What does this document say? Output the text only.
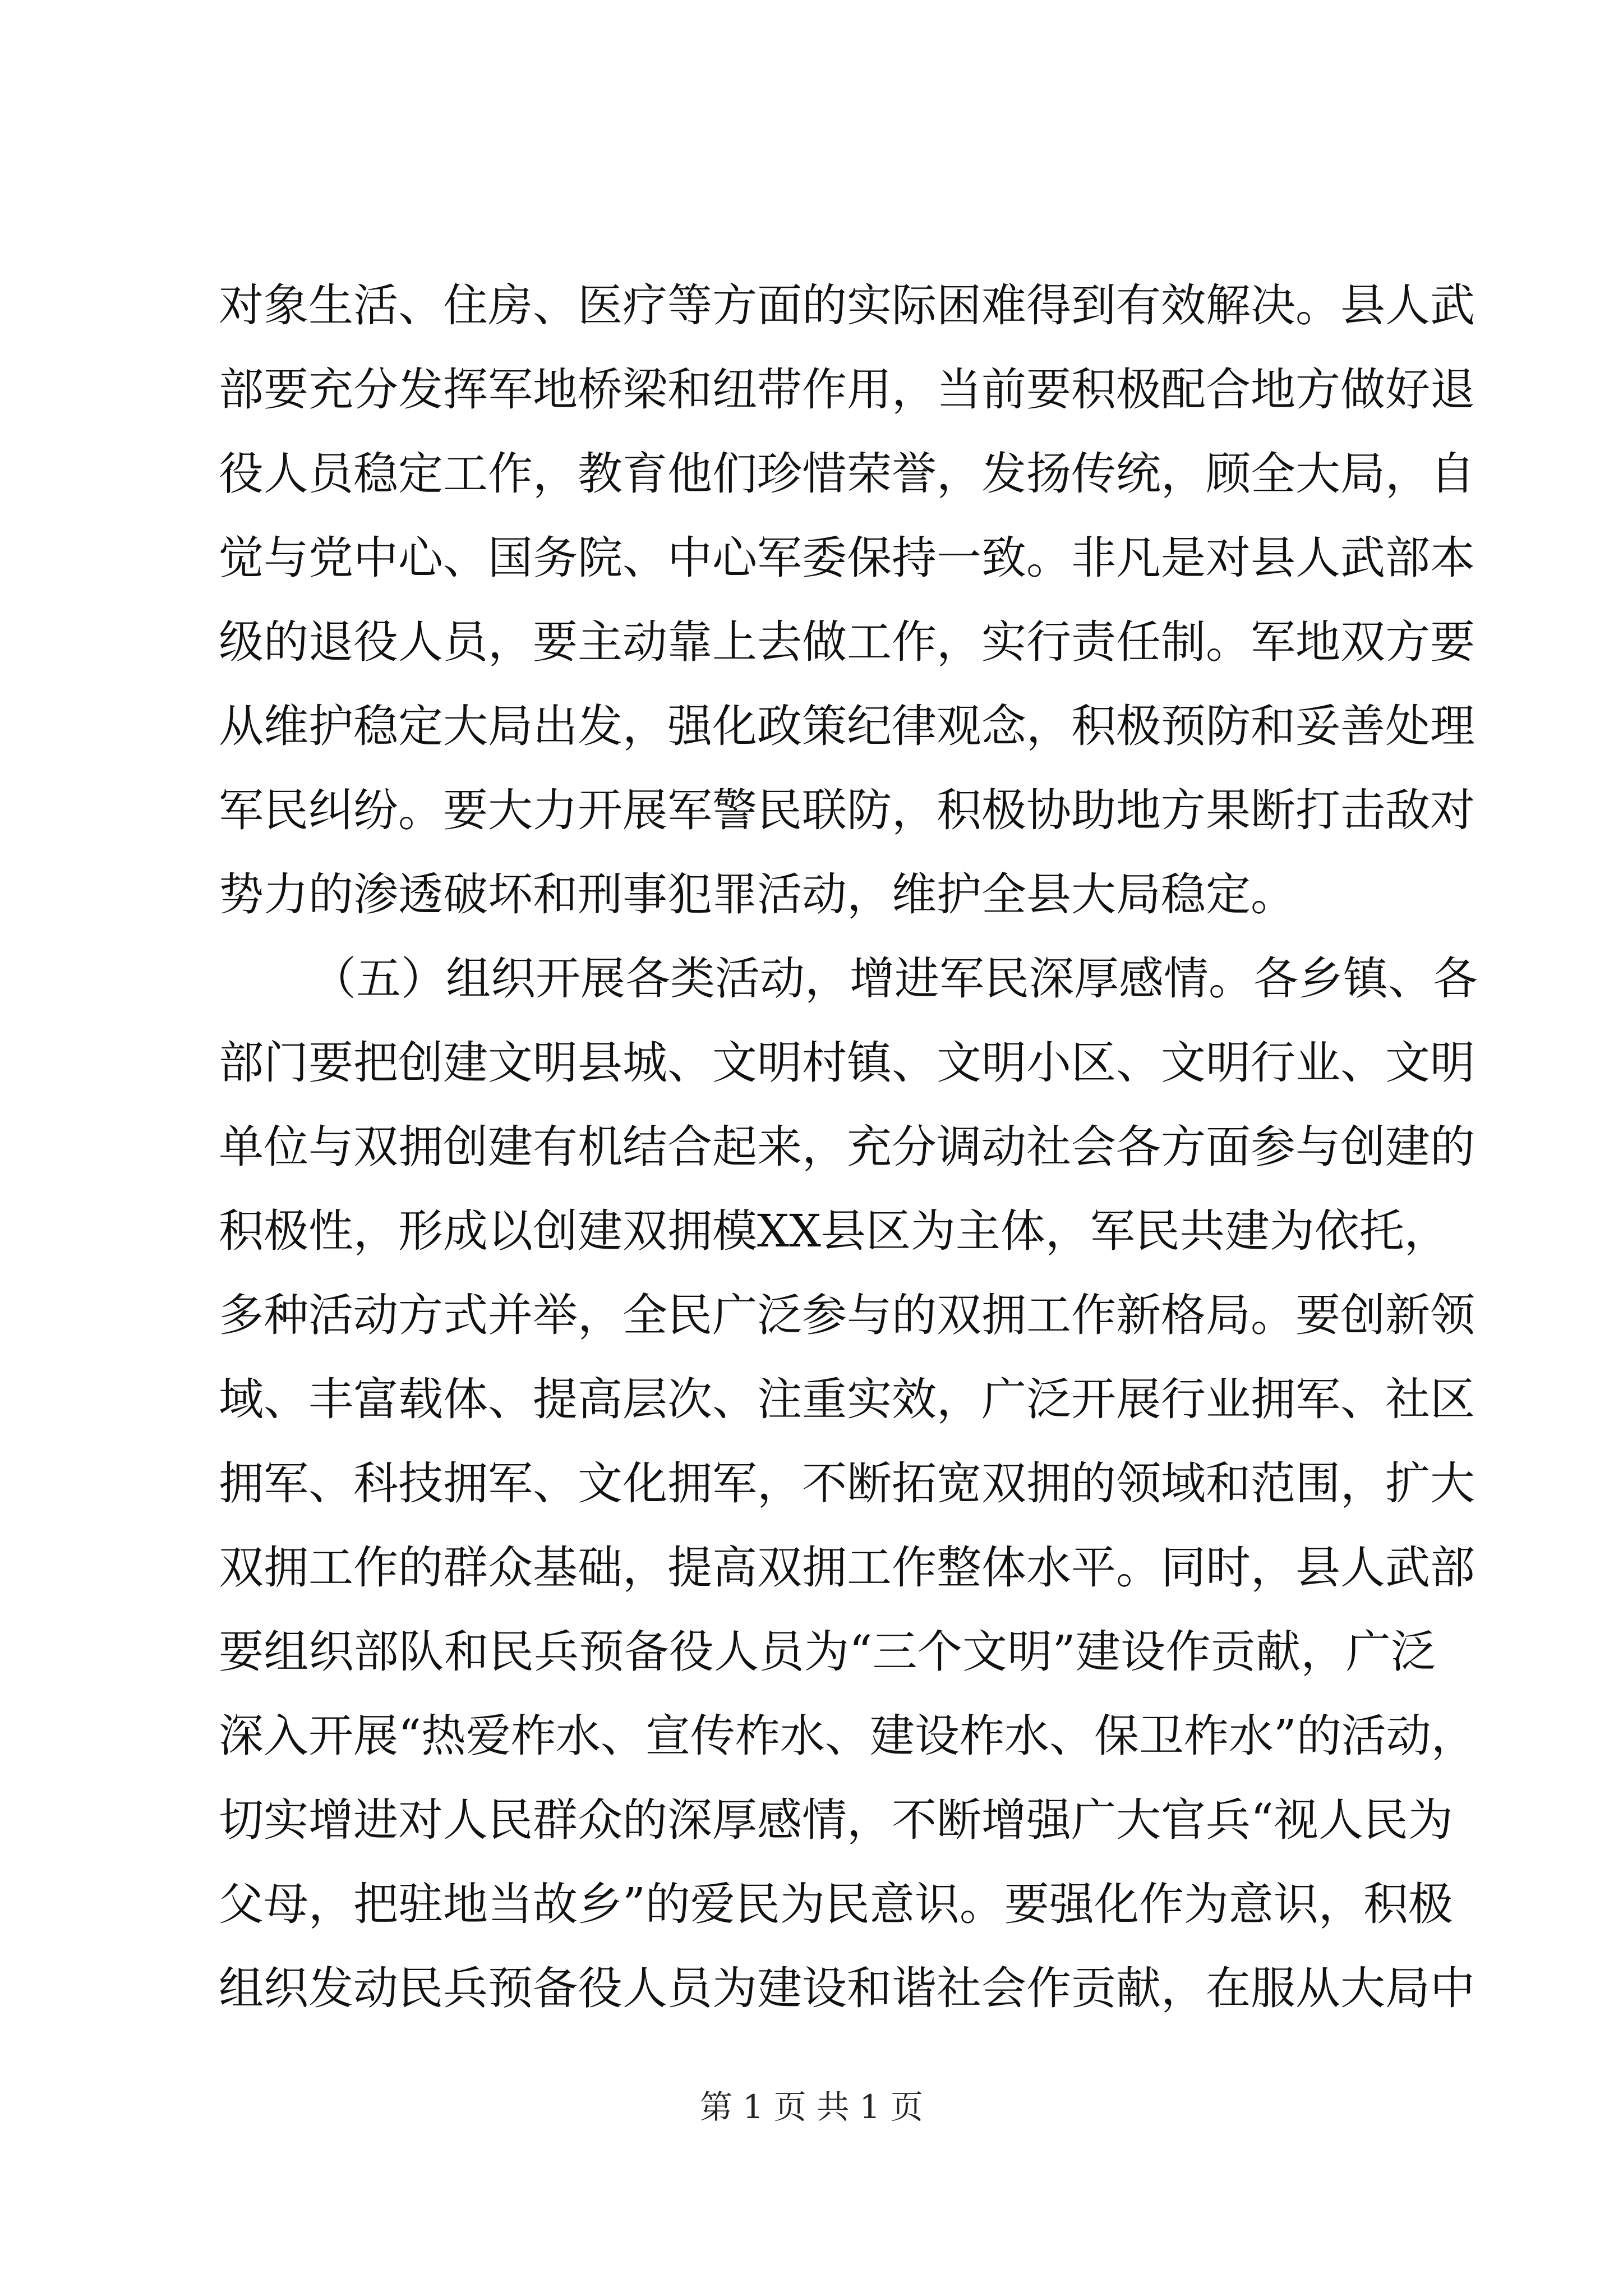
对象生活、住房、医疗等方面的实际困难得到有效解决。县人武
部要充分发挥军地桥梁和纽带作用，当前要积极配合地方做好退
役人员稳定工作，教育他们珍惜荣誉，发扬传统，顾全大局，自
觉与党中心、国务院、中心军委保持一致。非凡是对县人武部本
级的退役人员，要主动靠上去做工作，实行责任制。军地双方要
从维护稳定大局出发，强化政策纪律观念，积极预防和妥善处理
军民纠纷。要大力开展军警民联防，积极协助地方果断打击敌对
势力的渗透破坏和刑事犯罪活动，维护全县大局稳定。
（五）组织开展各类活动，增进军民深厚感情。各乡镇、各
部门要把创建文明县城、文明村镇、文明小区、文明行业、文明
单位与双拥创建有机结合起来，充分调动社会各方面参与创建的
积极性，形成以创建双拥模XX县区为主体，军民共建为依托，
多种活动方式并举，全民广泛参与的双拥工作新格局。要创新领
域、丰富载体、提高层次、注重实效，广泛开展行业拥军、社区
拥军、科技拥军、文化拥军，不断拓宽双拥的领域和范围，扩大
双拥工作的群众基础，提高双拥工作整体水平。同时，县人武部
要组织部队和民兵预备役人员为“三个文明”建设作贡献，广泛
深入开展“热爱柞水、宣传柞水、建设柞水、保卫柞水”的活动，
切实增进对人民群众的深厚感情，不断增强广大官兵“视人民为
父母，把驻地当故乡”的爱民为民意识。要强化作为意识，积极
组织发动民兵预备役人员为建设和谐社会作贡献，在服从大局中
第 1 页 共 1 页
